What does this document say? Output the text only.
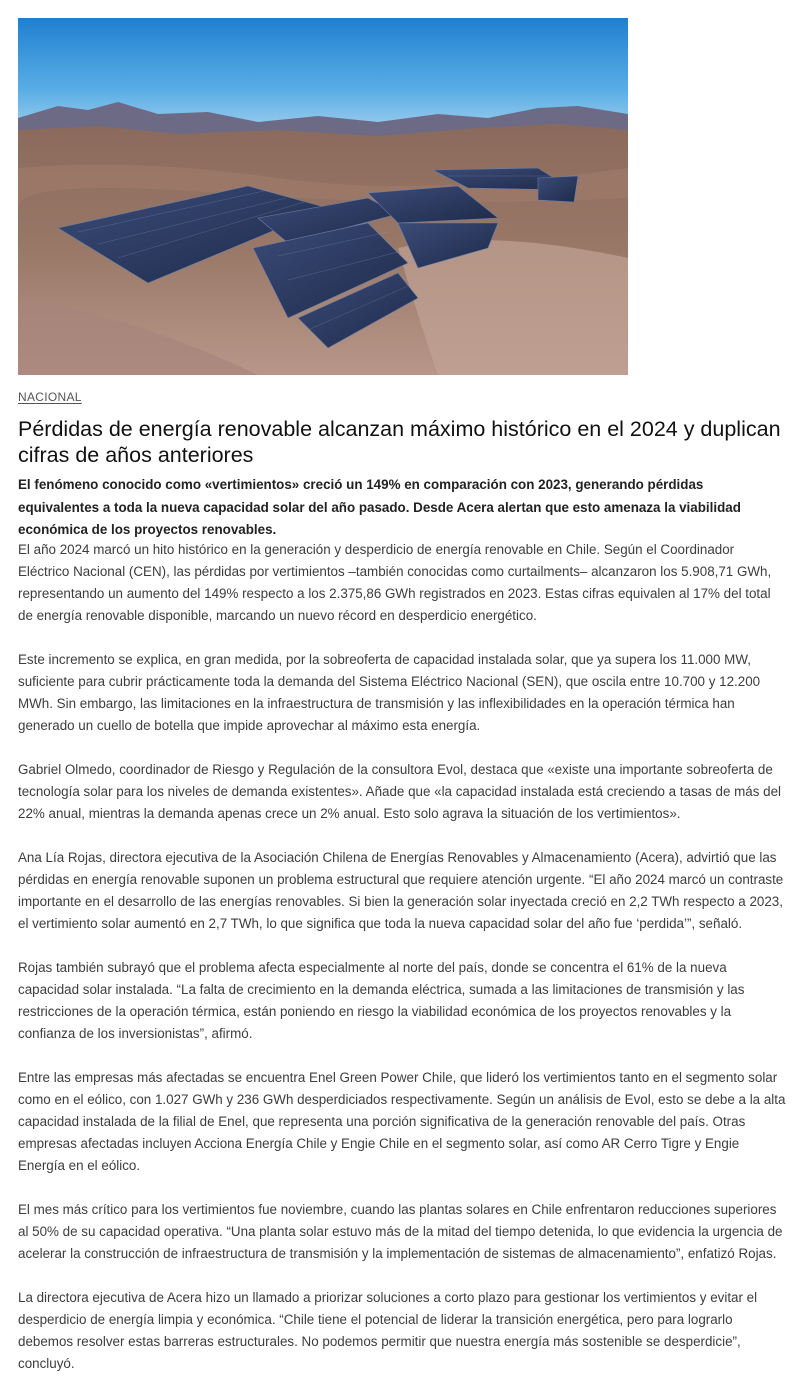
NACIONAL
Pérdidas de energía renovable alcanzan máximo histórico en el 2024 y duplican cifras de años anteriores

El fenómeno conocido como «vertimientos» creció un 149% en comparación con 2023, generando pérdidas equivalentes a toda la nueva capacidad solar del año pasado. Desde Acera alertan que esto amenaza la viabilidad económica de los proyectos renovables.

El año 2024 marcó un hito histórico en la generación y desperdicio de energía renovable en Chile. Según el Coordinador Eléctrico Nacional (CEN), las pérdidas por vertimientos –también conocidas como curtailments– alcanzaron los 5.908,71 GWh, representando un aumento del 149% respecto a los 2.375,86 GWh registrados en 2023. Estas cifras equivalen al 17% del total de energía renovable disponible, marcando un nuevo récord en desperdicio energético.

Este incremento se explica, en gran medida, por la sobreoferta de capacidad instalada solar, que ya supera los 11.000 MW, suficiente para cubrir prácticamente toda la demanda del Sistema Eléctrico Nacional (SEN), que oscila entre 10.700 y 12.200 MWh. Sin embargo, las limitaciones en la infraestructura de transmisión y las inflexibilidades en la operación térmica han generado un cuello de botella que impide aprovechar al máximo esta energía.

Gabriel Olmedo, coordinador de Riesgo y Regulación de la consultora Evol, destaca que «existe una importante sobreoferta de tecnología solar para los niveles de demanda existentes». Añade que «la capacidad instalada está creciendo a tasas de más del 22% anual, mientras la demanda apenas crece un 2% anual. Esto solo agrava la situación de los vertimientos».

Ana Lía Rojas, directora ejecutiva de la Asociación Chilena de Energías Renovables y Almacenamiento (Acera), advirtió que las pérdidas en energía renovable suponen un problema estructural que requiere atención urgente. “El año 2024 marcó un contraste importante en el desarrollo de las energías renovables. Si bien la generación solar inyectada creció en 2,2 TWh respecto a 2023, el vertimiento solar aumentó en 2,7 TWh, lo que significa que toda la nueva capacidad solar del año fue ‘perdida’”, señaló.

Rojas también subrayó que el problema afecta especialmente al norte del país, donde se concentra el 61% de la nueva capacidad solar instalada. “La falta de crecimiento en la demanda eléctrica, sumada a las limitaciones de transmisión y las restricciones de la operación térmica, están poniendo en riesgo la viabilidad económica de los proyectos renovables y la confianza de los inversionistas”, afirmó.

Entre las empresas más afectadas se encuentra Enel Green Power Chile, que lideró los vertimientos tanto en el segmento solar como en el eólico, con 1.027 GWh y 236 GWh desperdiciados respectivamente. Según un análisis de Evol, esto se debe a la alta capacidad instalada de la filial de Enel, que representa una porción significativa de la generación renovable del país. Otras empresas afectadas incluyen Acciona Energía Chile y Engie Chile en el segmento solar, así como AR Cerro Tigre y Engie Energía en el eólico.

El mes más crítico para los vertimientos fue noviembre, cuando las plantas solares en Chile enfrentaron reducciones superiores al 50% de su capacidad operativa. “Una planta solar estuvo más de la mitad del tiempo detenida, lo que evidencia la urgencia de acelerar la construcción de infraestructura de transmisión y la implementación de sistemas de almacenamiento”, enfatizó Rojas.

La directora ejecutiva de Acera hizo un llamado a priorizar soluciones a corto plazo para gestionar los vertimientos y evitar el desperdicio de energía limpia y económica. “Chile tiene el potencial de liderar la transición energética, pero para lograrlo debemos resolver estas barreras estructurales. No podemos permitir que nuestra energía más sostenible se desperdicie”, concluyó.
